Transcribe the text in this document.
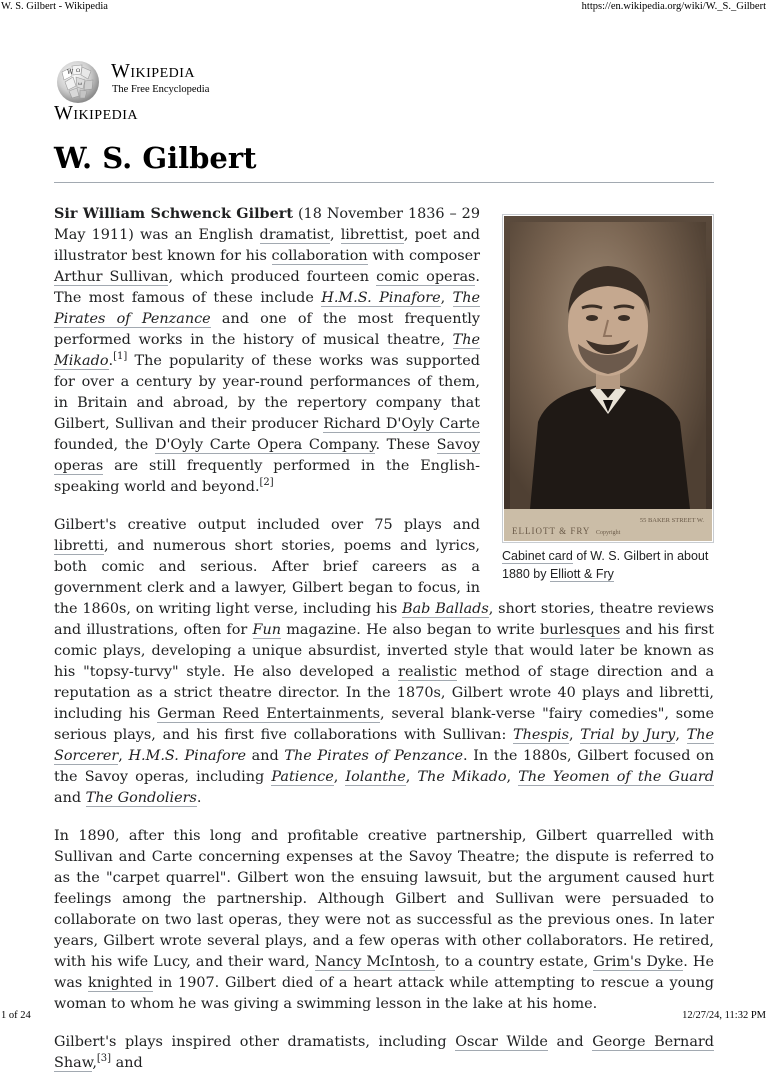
W. S. Gilbert - Wikipedia	https://en.wikipedia.org/wiki/W._S._Gilbert
W Ω
ω
Wikipedia
The Free Encyclopedia
Wikipedia
W. S. Gilbert
ELLIOTT & FRY Copyright
55 BAKER STREET W.
Cabinet card of W. S. Gilbert in about 1880 by Elliott & Fry

Sir William Schwenck Gilbert (18 November 1836 – 29 May 1911) was an English dramatist, librettist, poet and illustrator best known for his collaboration with composer Arthur Sullivan, which produced fourteen comic operas. The most famous of these include H.M.S. Pinafore, The Pirates of Penzance and one of the most frequently performed works in the history of musical theatre, The Mikado.[1] The popularity of these works was supported for over a century by year-round performances of them, in Britain and abroad, by the repertory company that Gilbert, Sullivan and their producer Richard D'Oyly Carte founded, the D'Oyly Carte Opera Company. These Savoy operas are still frequently performed in the English-speaking world and beyond.[2]

Gilbert's creative output included over 75 plays and libretti, and numerous short stories, poems and lyrics, both comic and serious. After brief careers as a government clerk and a lawyer, Gilbert began to focus, in the 1860s, on writing light verse, including his Bab Ballads, short stories, theatre reviews and illustrations, often for Fun magazine. He also began to write burlesques and his first comic plays, developing a unique absurdist, inverted style that would later be known as his "topsy-turvy" style. He also developed a realistic method of stage direction and a reputation as a strict theatre director. In the 1870s, Gilbert wrote 40 plays and libretti, including his German Reed Entertainments, several blank-verse "fairy comedies", some serious plays, and his first five collaborations with Sullivan: Thespis, Trial by Jury, The Sorcerer, H.M.S. Pinafore and The Pirates of Penzance. In the 1880s, Gilbert focused on the Savoy operas, including Patience, Iolanthe, The Mikado, The Yeomen of the Guard and The Gondoliers.

In 1890, after this long and profitable creative partnership, Gilbert quarrelled with Sullivan and Carte concerning expenses at the Savoy Theatre; the dispute is referred to as the "carpet quarrel". Gilbert won the ensuing lawsuit, but the argument caused hurt feelings among the partnership. Although Gilbert and Sullivan were persuaded to collaborate on two last operas, they were not as successful as the previous ones. In later years, Gilbert wrote several plays, and a few operas with other collaborators. He retired, with his wife Lucy, and their ward, Nancy McIntosh, to a country estate, Grim's Dyke. He was knighted in 1907. Gilbert died of a heart attack while attempting to rescue a young woman to whom he was giving a swimming lesson in the lake at his home.

Gilbert's plays inspired other dramatists, including Oscar Wilde and George Bernard Shaw,[3] and

1 of 24	12/27/24, 11:32 PM
